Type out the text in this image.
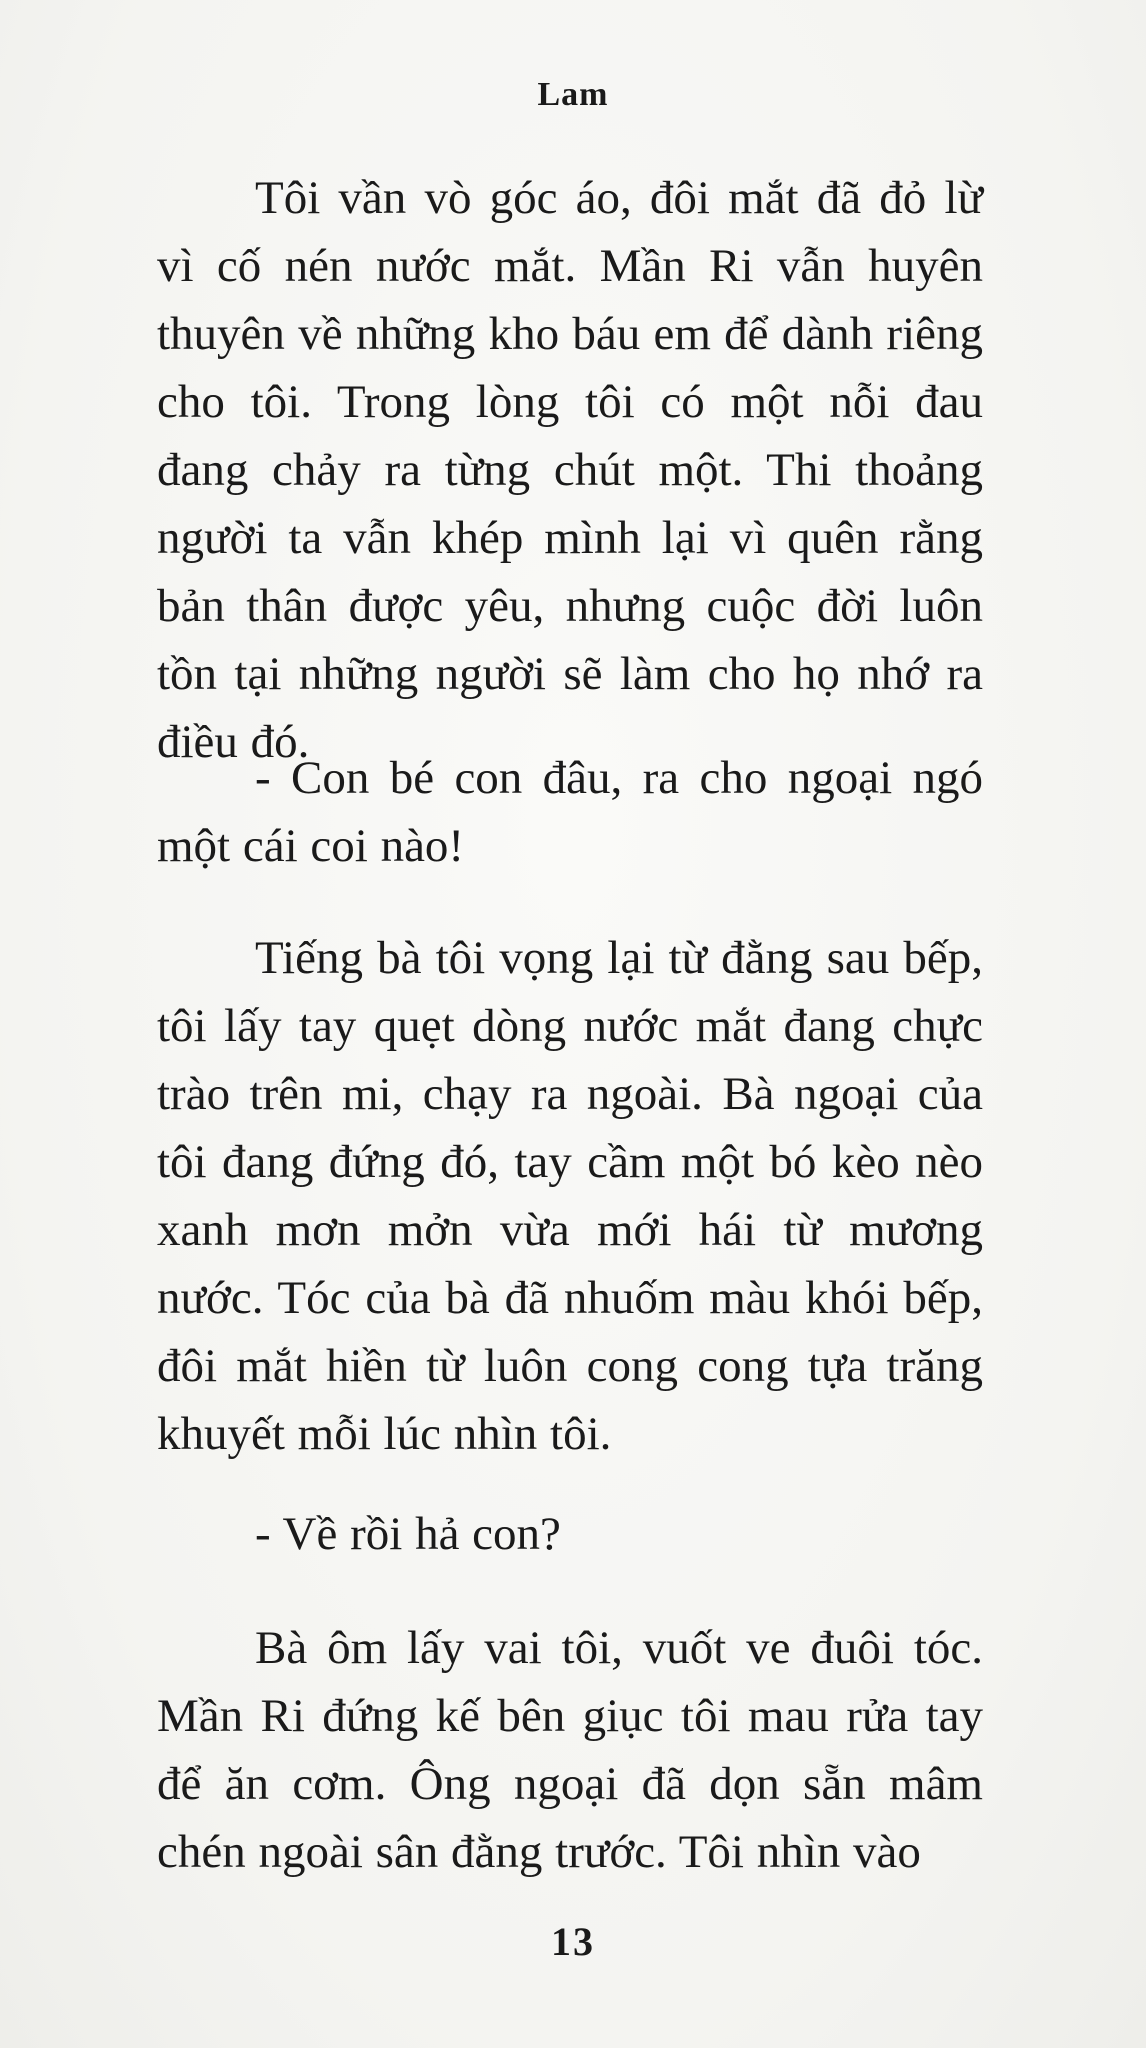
Lam

Tôi vần vò góc áo, đôi mắt đã đỏ lừ vì cố nén nước mắt. Mần Ri vẫn huyên thuyên về những kho báu em để dành riêng cho tôi. Trong lòng tôi có một nỗi đau đang chảy ra từng chút một. Thi thoảng người ta vẫn khép mình lại vì quên rằng bản thân được yêu, nhưng cuộc đời luôn tồn tại những người sẽ làm cho họ nhớ ra điều đó.

- Con bé con đâu, ra cho ngoại ngó một cái coi nào!

Tiếng bà tôi vọng lại từ đằng sau bếp, tôi lấy tay quẹt dòng nước mắt đang chực trào trên mi, chạy ra ngoài. Bà ngoại của tôi đang đứng đó, tay cầm một bó kèo nèo xanh mơn mởn vừa mới hái từ mương nước. Tóc của bà đã nhuốm màu khói bếp, đôi mắt hiền từ luôn cong cong tựa trăng khuyết mỗi lúc nhìn tôi.

- Về rồi hả con?

Bà ôm lấy vai tôi, vuốt ve đuôi tóc. Mần Ri đứng kế bên giục tôi mau rửa tay để ăn cơm. Ông ngoại đã dọn sẵn mâm chén ngoài sân đằng trước. Tôi nhìn vào

13
